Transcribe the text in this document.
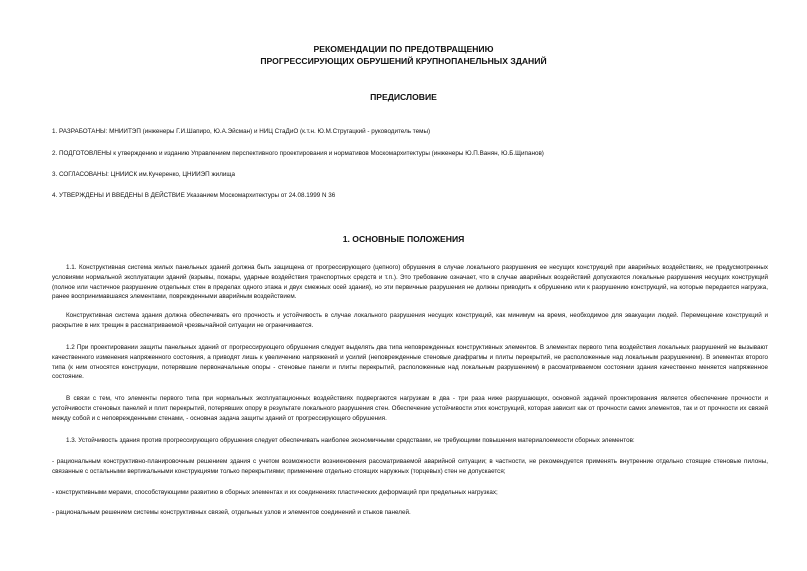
РЕКОМЕНДАЦИИ ПО ПРЕДОТВРАЩЕНИЮ
ПРОГРЕССИРУЮЩИХ ОБРУШЕНИЙ КРУПНОПАНЕЛЬНЫХ ЗДАНИЙ
ПРЕДИСЛОВИЕ
1. РАЗРАБОТАНЫ: МНИИТЭП (инженеры Г.И.Шапиро, Ю.А.Эйсман) и НИЦ СтаДиО (к.т.н. Ю.М.Стругацкий - руководитель темы)
2. ПОДГОТОВЛЕНЫ к утверждению и изданию Управлением перспективного проектирования и нормативов Москомархитектуры (инженеры Ю.П.Ванян, Ю.Б.Щипанов)
3. СОГЛАСОВАНЫ: ЦНИИСК им.Кучеренко, ЦНИИЭП жилища
4. УТВЕРЖДЕНЫ И ВВЕДЕНЫ В ДЕЙСТВИЕ Указанием Москомархитектуры от 24.08.1999 N 36
1. ОСНОВНЫЕ ПОЛОЖЕНИЯ
1.1. Конструктивная система жилых панельных зданий должна быть защищена от прогрессирующего (цепного) обрушения в случае локального разрушения ее несущих конструкций при аварийных воздействиях, не предусмотренных условиями нормальной эксплуатации зданий (взрывы, пожары, ударные воздействия транспортных средств и т.п.). Это требование означает, что в случае аварийных воздействий допускаются локальные разрушения несущих конструкций (полное или частичное разрушение отдельных стен в пределах одного этажа и двух смежных осей здания), но эти первичные разрушения не должны приводить к обрушению или к разрушению конструкций, на которые передается нагрузка, ранее воспринимавшаяся элементами, поврежденными аварийным воздействием.
Конструктивная система здания должна обеспечивать его прочность и устойчивость в случае локального разрушения несущих конструкций, как минимум на время, необходимое для эвакуации людей. Перемещение конструкций и раскрытие в них трещин в рассматриваемой чрезвычайной ситуации не ограничивается.
1.2 При проектировании защиты панельных зданий от прогрессирующего обрушения следует выделять два типа неповрежденных конструктивных элементов. В элементах первого типа воздействия локальных разрушений не вызывают качественного изменения напряженного состояния, а приводят лишь к увеличению напряжений и усилий (неповрежденные стеновые диафрагмы и плиты перекрытий, не расположенные над локальным разрушением). В элементах второго типа (к ним относятся конструкции, потерявшие первоначальные опоры - стеновые панели и плиты перекрытий, расположенные над локальным разрушением) в рассматриваемом состоянии здания качественно меняется напряженное состояние.
В связи с тем, что элементы первого типа при нормальных эксплуатационных воздействиях подвергаются нагрузкам в два - три раза ниже разрушающих, основной задачей проектирования является обеспечение прочности и устойчивости стеновых панелей и плит перекрытий, потерявших опору в результате локального разрушения стен. Обеспечение устойчивости этих конструкций, которая зависит как от прочности самих элементов, так и от прочности их связей между собой и с неповрежденными стенами, - основная задача защиты зданий от прогрессирующего обрушения.
1.3. Устойчивость здания против прогрессирующего обрушения следует обеспечивать наиболее экономичными средствами, не требующими повышения материалоемкости сборных элементов:
- рациональным конструктивно-планировочным решением здания с учетом возможности возникновения рассматриваемой аварийной ситуации; в частности, не рекомендуется применять внутренние отдельно стоящие стеновые пилоны, связанные с остальными вертикальными конструкциями только перекрытиями; применение отдельно стоящих наружных (торцевых) стен не допускается;
- конструктивными мерами, способствующими развитию в сборных элементах и их соединениях пластических деформаций при предельных нагрузках;
- рациональным решением системы конструктивных связей, отдельных узлов и элементов соединений и стыков панелей.
